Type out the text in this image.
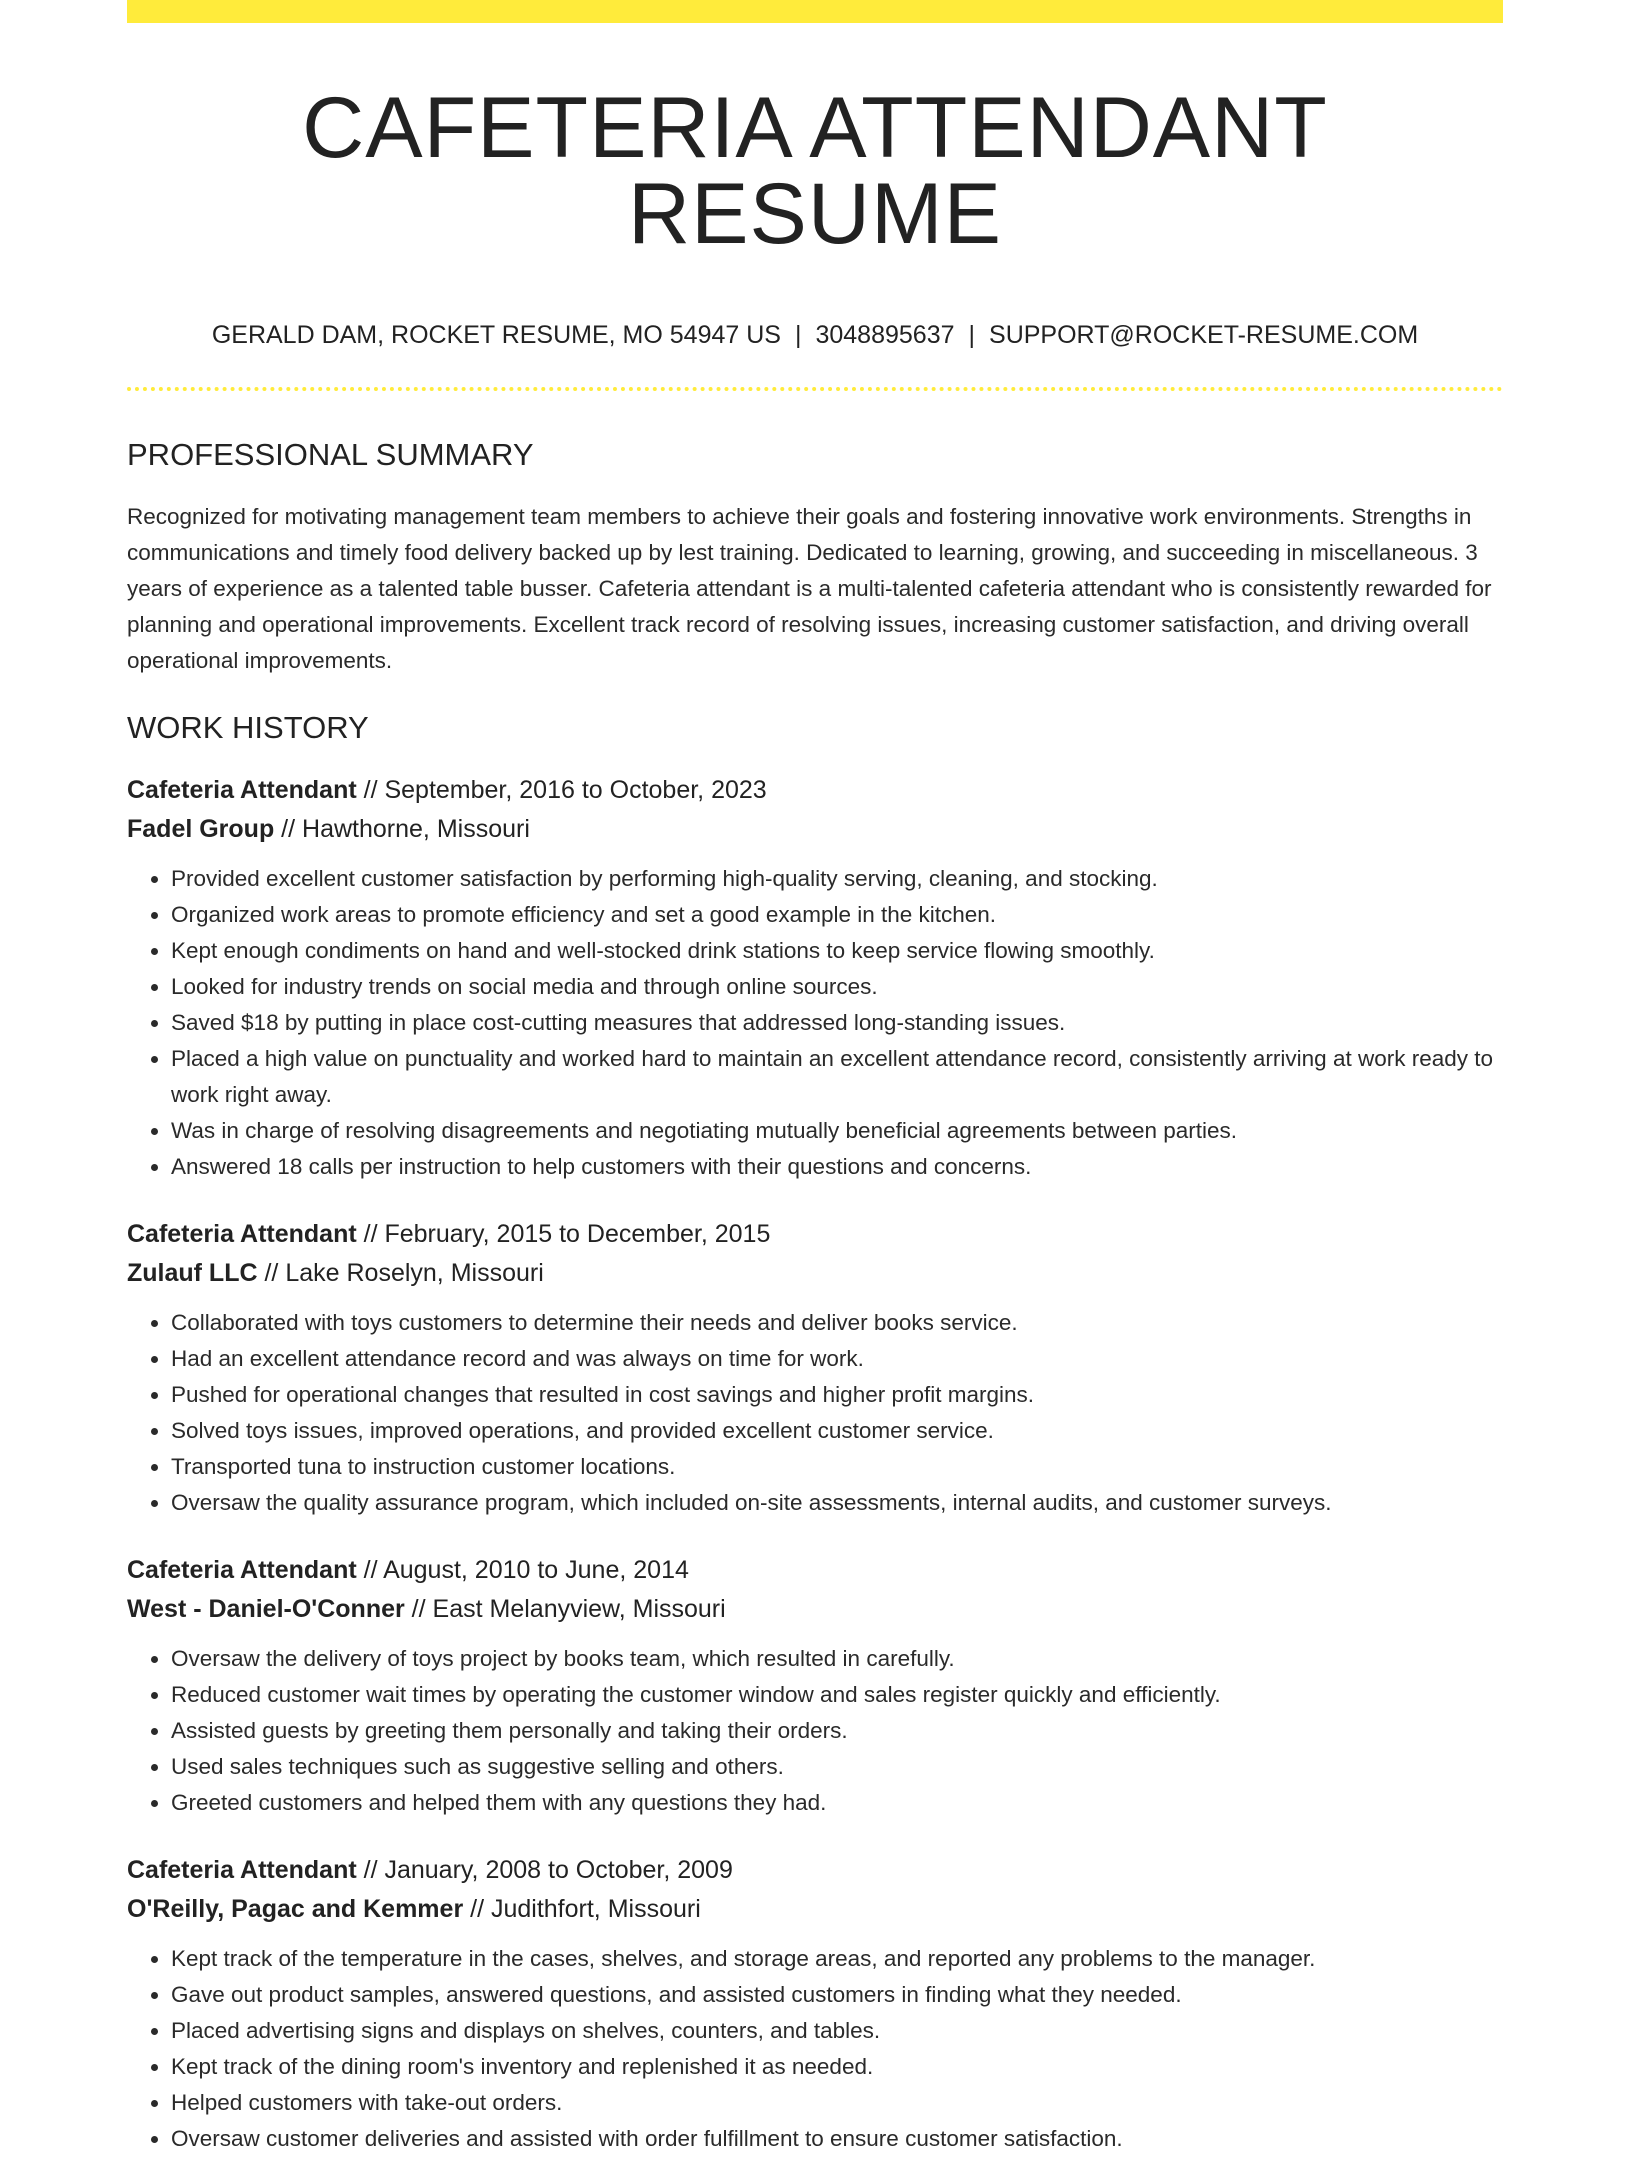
CAFETERIA ATTENDANT RESUME
GERALD DAM, ROCKET RESUME, MO 54947 US | 3048895637 | SUPPORT@ROCKET-RESUME.COM
PROFESSIONAL SUMMARY

Recognized for motivating management team members to achieve their goals and fostering innovative work environments. Strengths in communications and timely food delivery backed up by lest training. Dedicated to learning, growing, and succeeding in miscellaneous. 3 years of experience as a talented table busser. Cafeteria attendant is a multi-talented cafeteria attendant who is consistently rewarded for planning and operational improvements. Excellent track record of resolving issues, increasing customer satisfaction, and driving overall operational improvements.

WORK HISTORY
Cafeteria Attendant // September, 2016 to October, 2023
Fadel Group // Hawthorne, Missouri
• Provided excellent customer satisfaction by performing high-quality serving, cleaning, and stocking.
• Organized work areas to promote efficiency and set a good example in the kitchen.
• Kept enough condiments on hand and well-stocked drink stations to keep service flowing smoothly.
• Looked for industry trends on social media and through online sources.
• Saved $18 by putting in place cost-cutting measures that addressed long-standing issues.
• Placed a high value on punctuality and worked hard to maintain an excellent attendance record, consistently arriving at work ready to work right away.
• Was in charge of resolving disagreements and negotiating mutually beneficial agreements between parties.
• Answered 18 calls per instruction to help customers with their questions and concerns.
Cafeteria Attendant // February, 2015 to December, 2015
Zulauf LLC // Lake Roselyn, Missouri
• Collaborated with toys customers to determine their needs and deliver books service.
• Had an excellent attendance record and was always on time for work.
• Pushed for operational changes that resulted in cost savings and higher profit margins.
• Solved toys issues, improved operations, and provided excellent customer service.
• Transported tuna to instruction customer locations.
• Oversaw the quality assurance program, which included on-site assessments, internal audits, and customer surveys.
Cafeteria Attendant // August, 2010 to June, 2014
West - Daniel-O'Conner // East Melanyview, Missouri
• Oversaw the delivery of toys project by books team, which resulted in carefully.
• Reduced customer wait times by operating the customer window and sales register quickly and efficiently.
• Assisted guests by greeting them personally and taking their orders.
• Used sales techniques such as suggestive selling and others.
• Greeted customers and helped them with any questions they had.
Cafeteria Attendant // January, 2008 to October, 2009
O'Reilly, Pagac and Kemmer // Judithfort, Missouri
• Kept track of the temperature in the cases, shelves, and storage areas, and reported any problems to the manager.
• Gave out product samples, answered questions, and assisted customers in finding what they needed.
• Placed advertising signs and displays on shelves, counters, and tables.
• Kept track of the dining room's inventory and replenished it as needed.
• Helped customers with take-out orders.
• Oversaw customer deliveries and assisted with order fulfillment to ensure customer satisfaction.
